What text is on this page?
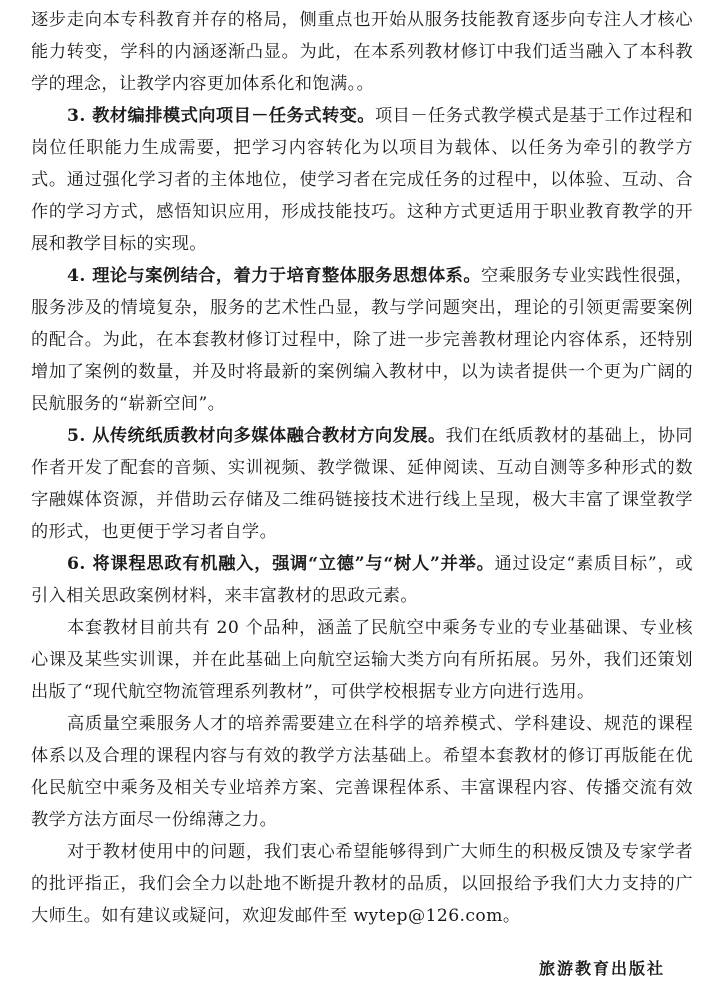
逐步走向本专科教育并存的格局，侧重点也开始从服务技能教育逐步向专注人才核心能力转变，学科的内涵逐渐凸显。为此，在本系列教材修订中我们适当融入了本科教学的理念，让教学内容更加体系化和饱满。。

3. 教材编排模式向项目－任务式转变。项目－任务式教学模式是基于工作过程和岗位任职能力生成需要，把学习内容转化为以项目为载体、以任务为牵引的教学方式。通过强化学习者的主体地位，使学习者在完成任务的过程中，以体验、互动、合作的学习方式，感悟知识应用，形成技能技巧。这种方式更适用于职业教育教学的开展和教学目标的实现。

4. 理论与案例结合，着力于培育整体服务思想体系。空乘服务专业实践性很强，服务涉及的情境复杂，服务的艺术性凸显，教与学问题突出，理论的引领更需要案例的配合。为此，在本套教材修订过程中，除了进一步完善教材理论内容体系，还特别增加了案例的数量，并及时将最新的案例编入教材中，以为读者提供一个更为广阔的民航服务的“崭新空间”。

5. 从传统纸质教材向多媒体融合教材方向发展。我们在纸质教材的基础上，协同作者开发了配套的音频、实训视频、教学微课、延伸阅读、互动自测等多种形式的数字融媒体资源，并借助云存储及二维码链接技术进行线上呈现，极大丰富了课堂教学的形式，也更便于学习者自学。

6. 将课程思政有机融入，强调“立德”与“树人”并举。通过设定“素质目标”，或引入相关思政案例材料，来丰富教材的思政元素。

本套教材目前共有 20 个品种，涵盖了民航空中乘务专业的专业基础课、专业核心课及某些实训课，并在此基础上向航空运输大类方向有所拓展。另外，我们还策划出版了“现代航空物流管理系列教材”，可供学校根据专业方向进行选用。

高质量空乘服务人才的培养需要建立在科学的培养模式、学科建设、规范的课程体系以及合理的课程内容与有效的教学方法基础上。希望本套教材的修订再版能在优化民航空中乘务及相关专业培养方案、完善课程体系、丰富课程内容、传播交流有效教学方法方面尽一份绵薄之力。

对于教材使用中的问题，我们衷心希望能够得到广大师生的积极反馈及专家学者的批评指正，我们会全力以赴地不断提升教材的品质，以回报给予我们大力支持的广大师生。如有建议或疑问，欢迎发邮件至 wytep@126.com。

旅游教育出版社
